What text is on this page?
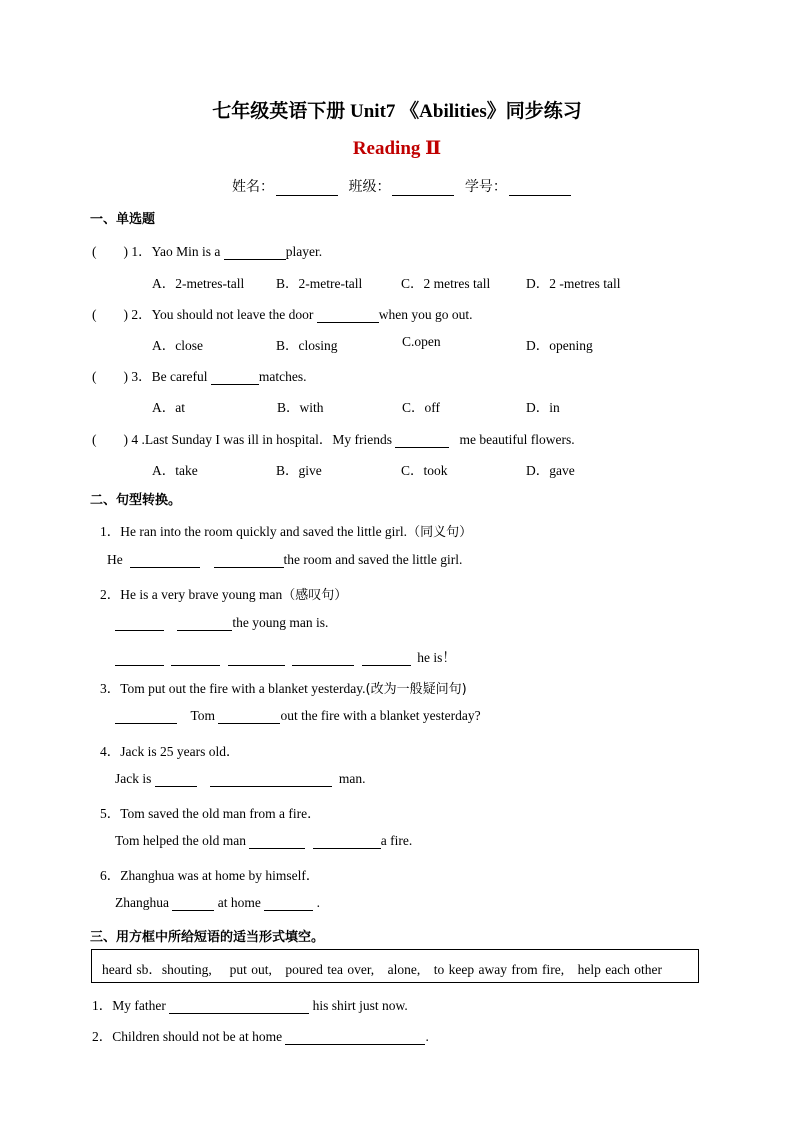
七年级英语下册 Unit7 《Abilities》同步练习
Reading Ⅱ
姓名：	班级：	学号：
一、单选题
(　　) 1．Yao Min is a	player.
A．2-metres-tall B．2-metre-tall	C．2 metres tall	D．2 -metres tall
(　　) 2．You should not leave the door	when you go out.
A．close	B．closing	C.open	D．opening
(　　) 3．Be careful	matches.
A．at	B．with	C．off	D．in
(　　) 4 .Last Sunday I was ill in hospital．My friends	me beautiful flowers.
A．take	B．give	C．took	D．gave
二、句型转换。
1．He ran into the room quickly and saved the little girl.（同义句）
He	the room and saved the little girl.
2．He is a very brave young man（感叹句）
the young man is.
he is！
3．Tom put out the fire with a blanket yesterday.(改为一般疑问句)
Tom	out the fire with a blanket yesterday?
4．Jack is 25 years old．
Jack is	man.
5．Tom saved the old man from a fire．
Tom helped the old man	a fire.
6．Zhanghua was at home by himself．
Zhanghua	at home	.
三、用方框中所给短语的适当形式填空。
heard sb．shouting,　 put out,　poured tea over,　alone,　to keep away from fire,　help each other
1．My father	his shirt just now.
2．Children should not be at home	.
